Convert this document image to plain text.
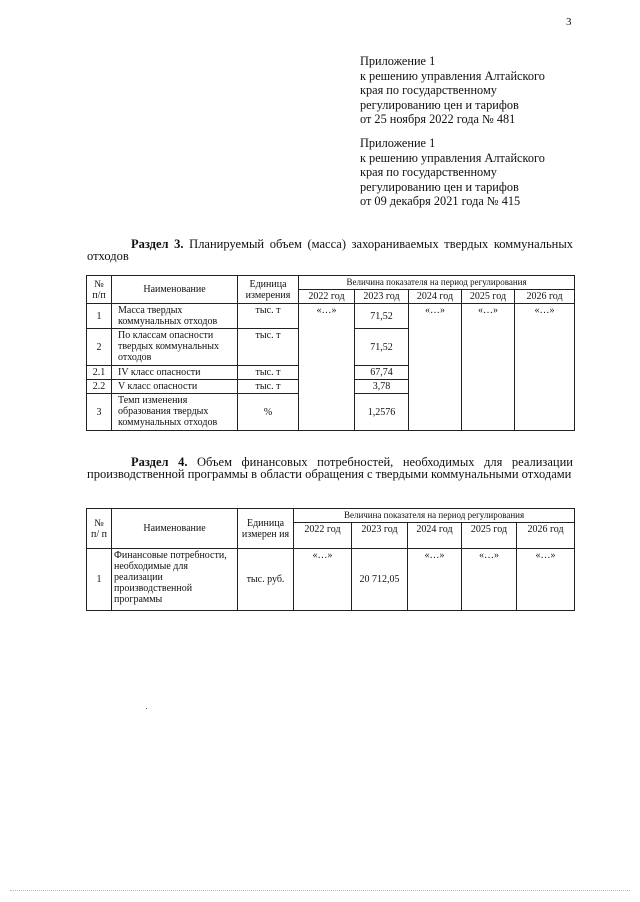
3
Приложение 1
к решению управления Алтайского
края по государственному
регулированию цен и тарифов
от 25 ноября 2022 года № 481
Приложение 1
к решению управления Алтайского
края по государственному
регулированию цен и тарифов
от 09 декабря 2021 года № 415
Раздел 3. Планируемый объем (масса) захораниваемых твердых коммунальных отходов
№ п/п	Наименование	Единица измерения	Величина показателя на период регулирования				
			2022 год	2023 год	2024 год	2025 год	2026 год
1	Масса твердых коммунальных отходов	тыс. т	«…»	71,52	«…»	«…»	«…»
2	По классам опасности твердых коммунальных отходов	тыс. т		71,52			
2.1	IV класс опасности	тыс. т		67,74			
2.2	V класс опасности	тыс. т		3,78			
3	Темп изменения образования твердых коммунальных отходов	%		1,2576			
Раздел 4. Объем финансовых потребностей, необходимых для реализации производственной программы в области обращения с твердыми коммунальными отходами
№ п/ п	Наименование	Единица измерен ия	Величина показателя на период регулирования				
			2022 год	2023 год	2024 год	2025 год	2026 год
1	Финансовые потребности, необходимые для реализации производственной программы	тыс. руб.	«…»	20 712,05	«…»	«…»	«…»
